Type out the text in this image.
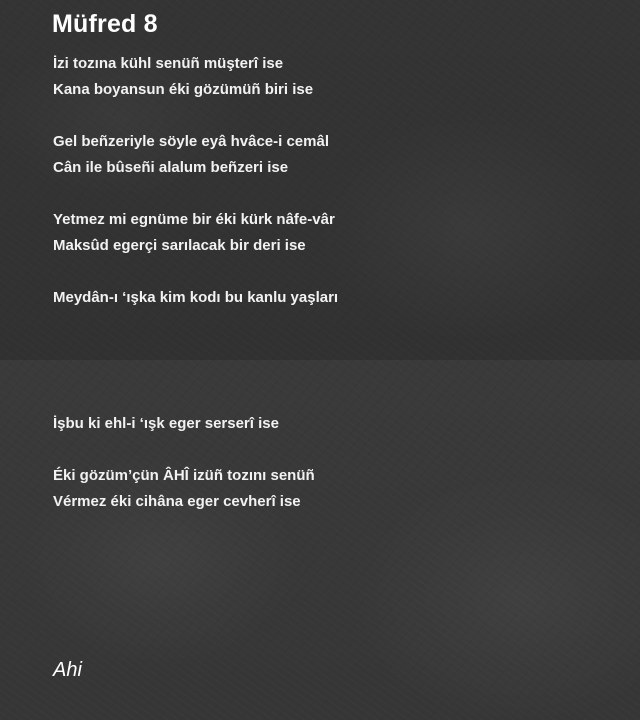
Müfred 8

İzi tozına kühl senüñ müşterî ise
Kana boyansun éki gözümüñ biri ise

Gel beñzeriyle söyle eyâ hvâce-i cemâl
Cân ile bûseñi alalum beñzeri ise

Yetmez mi egnüme bir éki kürk nâfe-vâr
Maksûd egerçi sarılacak bir deri ise

Meydân-ı ‘ışka kim kodı bu kanlu yaşları

İşbu ki ehl-i ‘ışk eger serserî ise

Éki gözüm’çün ÂHÎ izüñ tozını senüñ
Vérmez éki cihâna eger cevherî ise

Ahi
